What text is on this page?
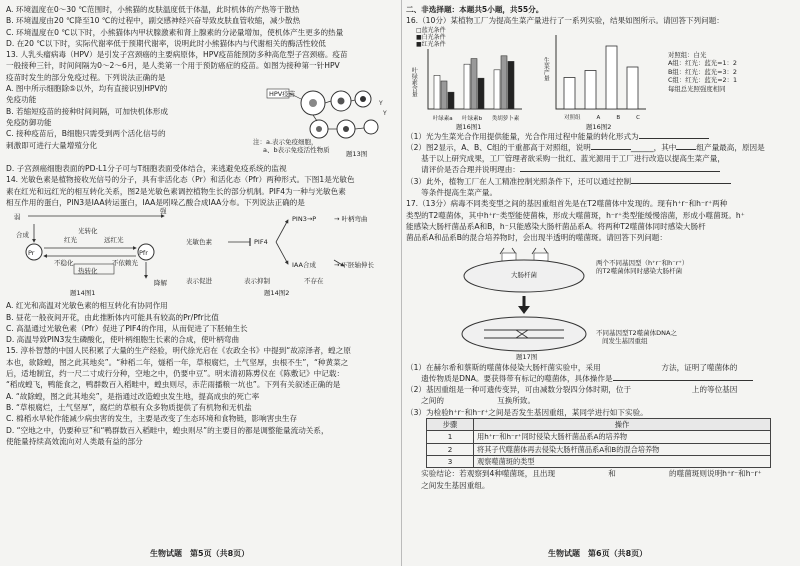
A. 环境温度在0～30 ℃范围时，小熊猫的皮肤温度低于体温，此时机体的产热等于散热

B. 环境温度由20 ℃降至10 ℃的过程中，副交感神经兴奋导致皮肤血管收缩，减少散热

C. 环境温度在0 ℃以下时，小熊猫体内甲状腺激素和肾上腺素的分泌量增加，使机体产生更多的热量

D. 在20 ℃以下时，实际代谢率低于预期代谢率，说明此时小熊猫体内与代谢相关的酶活性较低

13. 人乳头瘤病毒（HPV）是引发子宫颈癌的主要病原体，HPV疫苗能预防多种高危型子宫颈癌。疫苗

一般接种三针，时间间隔为0～2～6月，是人类第一个用于预防癌症的疫苗。如图为接种第一针HPV

疫苗时发生的部分免疫过程。下列说法正确的是

A. 图中所示细胞除⑤以外，均有直接识别HPV的

免疫功能

B. 若缩短疫苗的接种时间间隔，可加快机体形成

免疫防御功能

C. 接种疫苗后，B细胞只需受到两个活化信号的

刺激即可进行大量增殖分化

Y
Y
HPV疫苗
注：a.表示免疫细胞，
a、b表示免疫活性物质	题13图

D. 子宫颈癌细胞表面的PD-L1分子可与T细胞表面受体结合，来逃避免疫系统的监视

14. 光敏色素是植物接收光信号的分子，具有非活化态（Pr）和活化态（Pfr）两种形式。下图1是光敏色

素在红光和远红光的相互转化关系，图2是光敏色素调控植物生长的部分机制。PIF4为一种与光敏色素

相互作用的蛋白，PIN3是IAA转运蛋白，IAA是吲哚乙酸合成IAA分布。下列说法正确的是

弱
强
合成
红光	远红光
光转化
Pr	Pfr
不稳化
热转化
不依赖光
降解
题14图1
光敏色素	PIF4
PIN3→P	→ 叶柄弯曲
IAA合成	→ 下胚轴伸长
表示促进	表示抑制	不存在
题14图2

A. 红光和高温对光敏色素的相互转化有协同作用

B. 昼花一般夜间开花，由此推断体内可能具有较高的Pr/Pfr比值

C. 高温通过光敏色素（Pfr）促进了PIF4的作用，从而促进了下胚轴生长

D. 高温导致PIN3发生磷酸化，使叶柄细胞生长素的合成，使叶柄弯曲

15. 淳朴智慧的中国人民积累了大量的生产经验，明代徐光启在《农政全书》中提到“故凉泽者，蝗之原

本也，欲除蝗，图之此其地矣”。“种稻二年，燧稻一年，草根腐烂，土气坚厚，虫根不生”，“种黄菜之

后，适地制宜，约一尺二寸成行分种，空地之中，仍要中豆”。明末清初陈旉仪在《陈敷记》中记载：

“稻成蝗飞，鸭能食之，鸭群数百入稻畦中，蝗虫则尽，赤茫雨播粮一坑也”。下列有关叙述正确的是

A. “故除蝗，图之此其地矣”，是指通过改造蝗虫发生地，提高成虫的死亡率

B. “草根腐烂，土气坚厚”，腐烂的草根有众多物质提供了有机物和无机盐

C. 棉稻水旱轮作能减少病虫害的发生，主要是改变了生态环境和食物链，影响害虫生存

D. “空地之中，仍要种豆”和“鸭群数百入稻畦中，蝗虫则尽”的主要目的都是调整能量流动关系，

使能量持续高效流向对人类最有益的部分

生物试题　第5页（共8页）

二、非选择题：本题共5小题，共55分。

16.（10分）某植物工厂为提高生菜产量进行了一系列实验，结果如图所示。请回答下列问题：

□蓝光条件
■白光条件
■红光条件
叶绿素含量
叶绿素a 叶绿素b 类胡萝卜素
题16图1
生菜产量
对照组	A	B	C
题16图2
对照组：白光
A组：红光：蓝光=1：2
B组：红光：蓝光=3：2
C组：红光：蓝光=2：1
每组总光照强度相同

（1）光为生菜光合作用提供能量，光合作用过程中能量的转化形式为

（2）图2显示，A、B、C组的干重都高于对照组，说明	______，其中	组产量最高，原因是

　　基于以上研究成果，工厂管理者欲采购一批红、蓝光源用于工厂进行改造以提高生菜产量，

　　请评价是否合理并说明理由：

（3）此外，植物工厂在人工精准控制光照条件下，还可以通过控制

　　等条件提高生菜产量。

17.（13分）病毒不同类变型之间的基因重组首先是在T2噬菌体中发现的。现有h⁺r⁻和h⁻r⁺两种

类型的T2噬菌体，其中h⁺r⁻类型能使菌株，形成大噬菌斑，h⁻r⁺类型能缓慢溶菌，形成小噬菌斑。h⁺

能感染大肠杆菌品系A和B，h⁻只能感染大肠杆菌品系A。将两种T2噬菌体同时感染大肠杆

菌品系A和品系B的混合培养物时，会出现半透明的噬菌斑。请回答下列问题：

大肠杆菌
两个不同基因型（h⁺r⁻和h⁻r⁺）
的T2噬菌体同时感染大肠杆菌
不同基因型T2噬菌体DNA之
间发生基因重组
题17图

（1）在赫尔希和蔡斯的噬菌体侵染大肠杆菌实验中，采用　　　　　　　　方法，证明了噬菌体的

　　遗传物质是DNA。要获得带有标记的噬菌体，具体操作是

（2）基因重组是一种可遗传变异，可由减数分裂四分体时期，位于　　　　　　　　上的等位基因

　　之间的　　　　　　　互换所致。

（3）为检验h⁺r⁻和h⁻r⁺之间是否发生基因重组，某同学进行如下实验。

步骤	操作
1	用h⁺r⁻和h⁻r⁺同时侵染大肠杆菌品系A的培养物
2	将其子代噬菌体再去侵染大肠杆菌品系A和B的混合培养物
3	观察噬菌斑的类型

　　实验结论：若观察到4种噬菌斑，且出现　　　　　　　和　　　　　　　的噬菌斑则说明h⁺r⁻和h⁻r⁺

　　之间发生基因重组。

生物试题　第6页（共8页）
